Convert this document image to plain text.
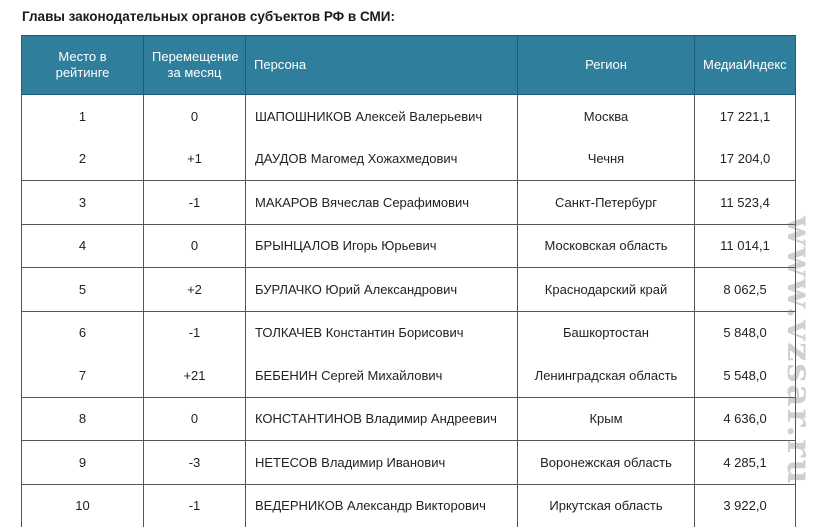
Главы законодательных органов субъектов РФ в СМИ:
Место в рейтинге	Перемещение за месяц	Персона	Регион	МедиаИндекс
1	0	ШАПОШНИКОВ Алексей Валерьевич	Москва	17 221,1
2	+1	ДАУДОВ Магомед Хожахмедович	Чечня	17 204,0
3	-1	МАКАРОВ Вячеслав Серафимович	Санкт-Петербург	11 523,4
4	0	БРЫНЦАЛОВ Игорь Юрьевич	Московская область	11 014,1
5	+2	БУРЛАЧКО Юрий Александрович	Краснодарский край	8 062,5
6	-1	ТОЛКАЧЕВ Константин Борисович	Башкортостан	5 848,0
7	+21	БЕБЕНИН Сергей Михайлович	Ленинградская область	5 548,0
8	0	КОНСТАНТИНОВ Владимир Андреевич	Крым	4 636,0
9	-3	НЕТЕСОВ Владимир Иванович	Воронежская область	4 285,1
10	-1	ВЕДЕРНИКОВ Александр Викторович	Иркутская область	3 922,0
www.vzsar.ru
